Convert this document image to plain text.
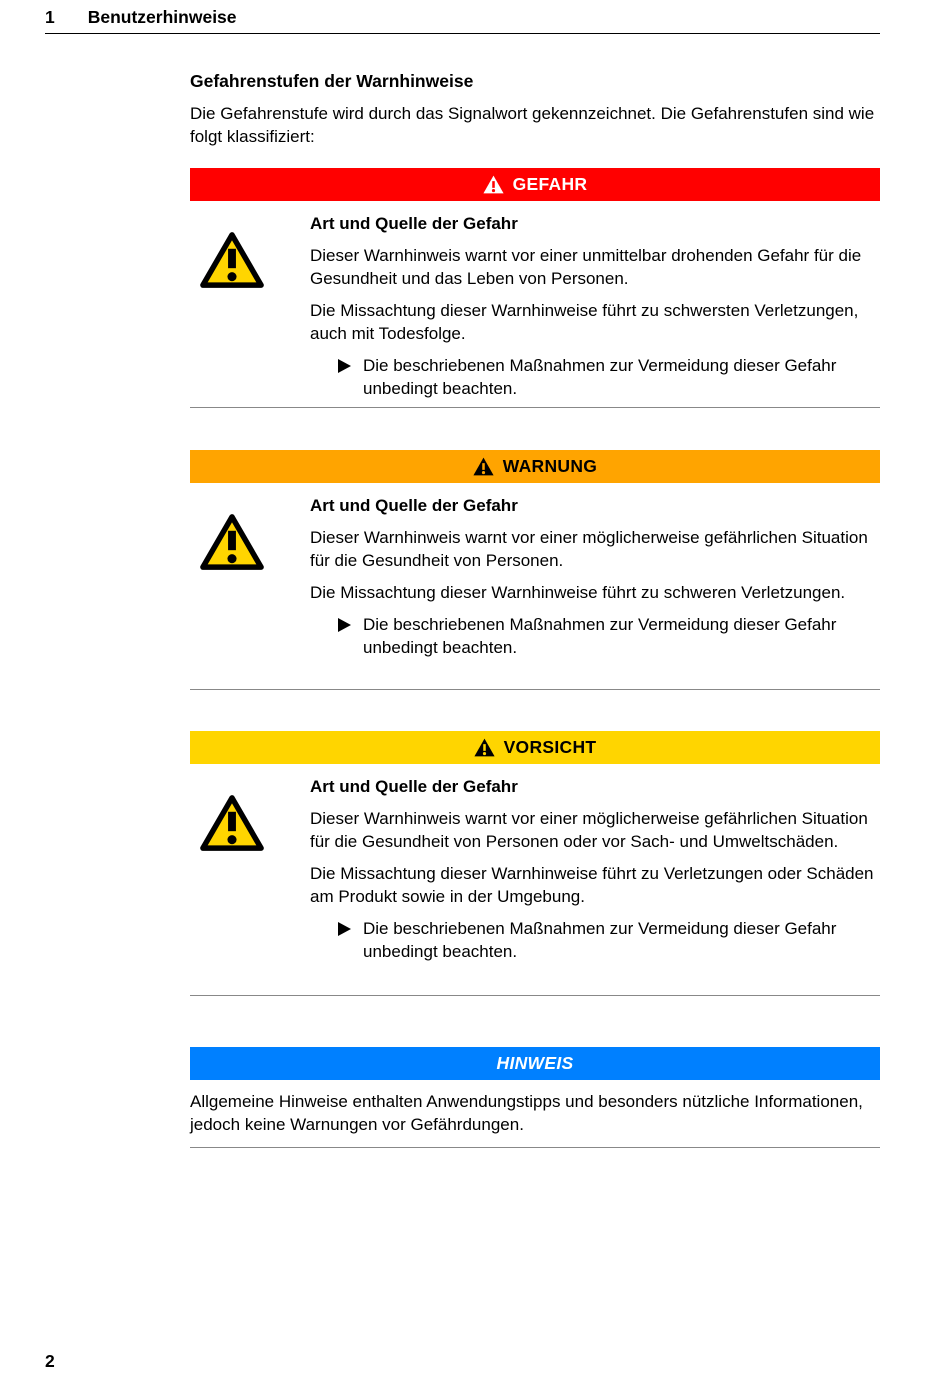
1 Benutzerhinweise
Gefahrenstufen der Warnhinweise

Die Gefahrenstufe wird durch das Signalwort gekennzeichnet. Die Gefahrenstufen sind wie folgt klassifiziert:

GEFAHR

Art und Quelle der Gefahr

Dieser Warnhinweis warnt vor einer unmittelbar drohenden Gefahr für die Gesundheit und das Leben von Personen.

Die Missachtung dieser Warnhinweise führt zu schwersten Verletzungen, auch mit Todesfolge.

Die beschriebenen Maßnahmen zur Vermeidung dieser Gefahr unbedingt beachten.

WARNUNG

Art und Quelle der Gefahr

Dieser Warnhinweis warnt vor einer möglicherweise gefährlichen Situation für die Gesundheit von Personen.

Die Missachtung dieser Warnhinweise führt zu schweren Verletzungen.

Die beschriebenen Maßnahmen zur Vermeidung dieser Gefahr unbedingt beachten.

VORSICHT

Art und Quelle der Gefahr

Dieser Warnhinweis warnt vor einer möglicherweise gefährlichen Situation für die Gesundheit von Personen oder vor Sach- und Umweltschäden.

Die Missachtung dieser Warnhinweise führt zu Verletzungen oder Schäden am Produkt sowie in der Umgebung.

Die beschriebenen Maßnahmen zur Vermeidung dieser Gefahr unbedingt beachten.

HINWEIS

Allgemeine Hinweise enthalten Anwendungstipps und besonders nützliche Informationen, jedoch keine Warnungen vor Gefährdungen.

2
